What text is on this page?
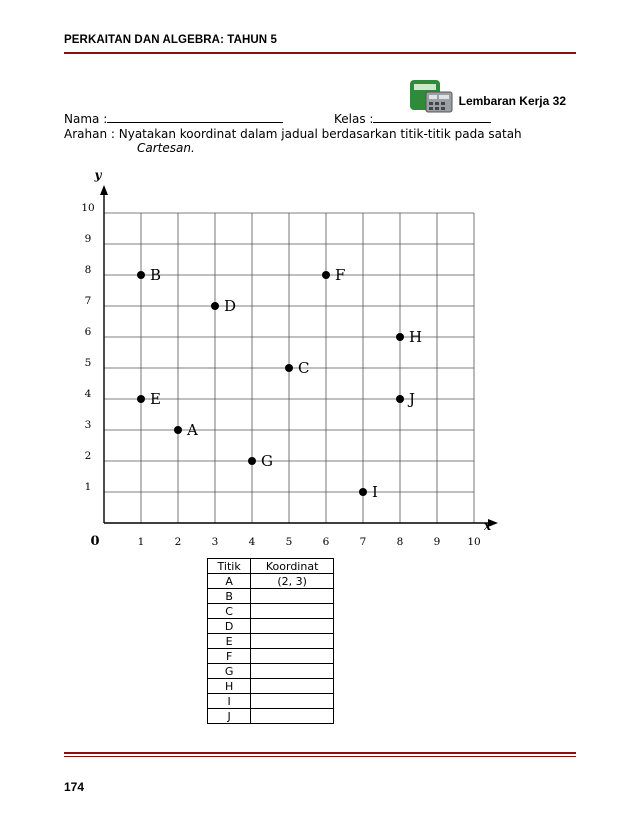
PERKAITAN DAN ALGEBRA: TAHUN 5
Lembaran Kerja 32
Nama :	Kelas :
Arahan : Nyatakan koordinat dalam jadual berdasarkan titik-titik pada satah
Cartesan.
x
y
0	1	2	3	4	5	6	7	8	9	10
1
2
3
4
5
6
7
8
9
10
A
B
C
D
E
F
G
H
I
J
Titik	Koordinat
A	(2, 3)
B	
C	
D	
E	
F	
G	
H	
I	
J	
174
